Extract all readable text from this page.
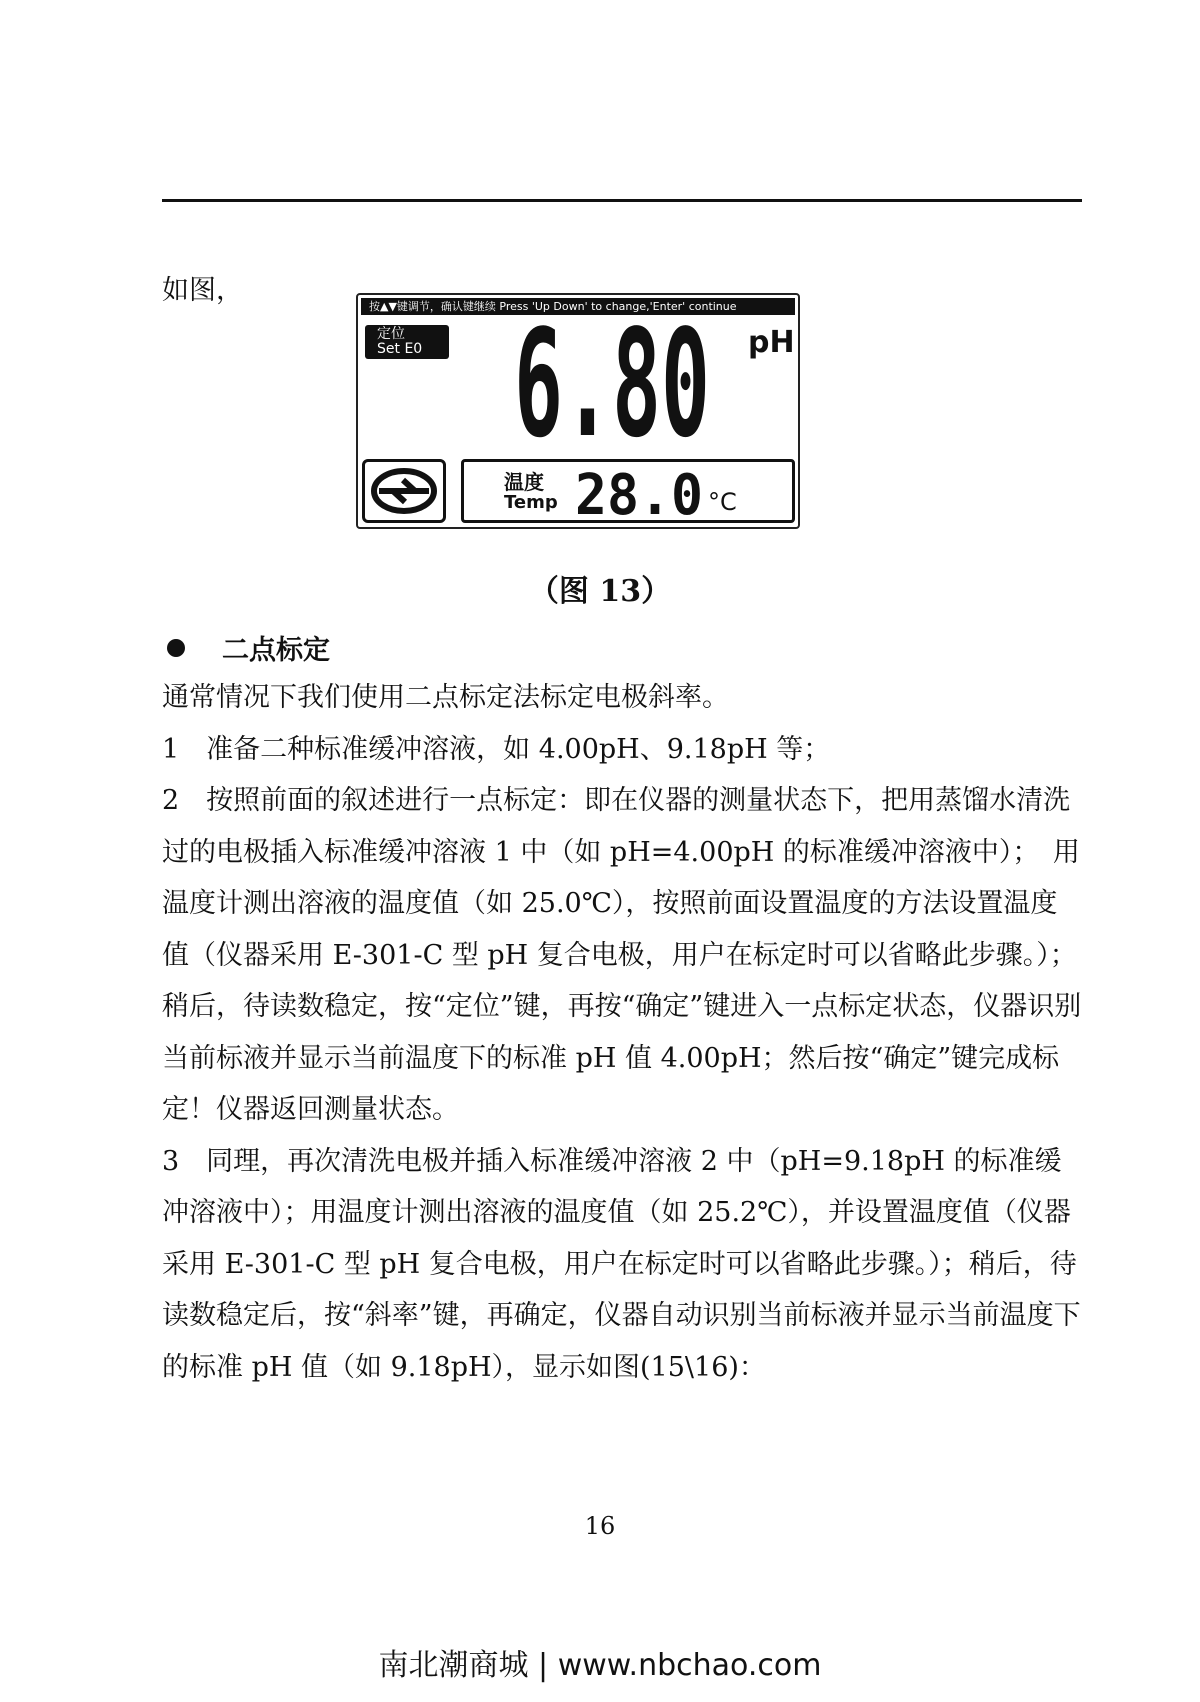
如图，
按▲▼键调节，确认键继续 Press 'Up Down' to change,'Enter' continue
定位
Set E0 6.80 pH
温度
Temp 28.0 °C
（图 13）
二点标定

通常情况下我们使用二点标定法标定电极斜率。

1　准备二种标准缓冲溶液，如 4.00pH、9.18pH 等；

2　按照前面的叙述进行一点标定：即在仪器的测量状态下，把用蒸馏水清洗过的电极插入标准缓冲溶液 1 中（如 pH=4.00pH 的标准缓冲溶液中）；　用温度计测出溶液的温度值（如 25.0℃），按照前面设置温度的方法设置温度值（仪器采用 E-301-C 型 pH 复合电极，用户在标定时可以省略此步骤。）；稍后，待读数稳定，按“定位”键，再按“确定”键进入一点标定状态，仪器识别当前标液并显示当前温度下的标准 pH 值 4.00pH；然后按“确定”键完成标定！仪器返回测量状态。

3　同理，再次清洗电极并插入标准缓冲溶液 2 中（pH=9.18pH 的标准缓冲溶液中）；用温度计测出溶液的温度值（如 25.2℃），并设置温度值（仪器采用 E-301-C 型 pH 复合电极，用户在标定时可以省略此步骤。）；稍后，待读数稳定后，按“斜率”键，再确定，仪器自动识别当前标液并显示当前温度下的标准 pH 值（如 9.18pH），显示如图(15\16)：

16
南北潮商城 | www.nbchao.com
